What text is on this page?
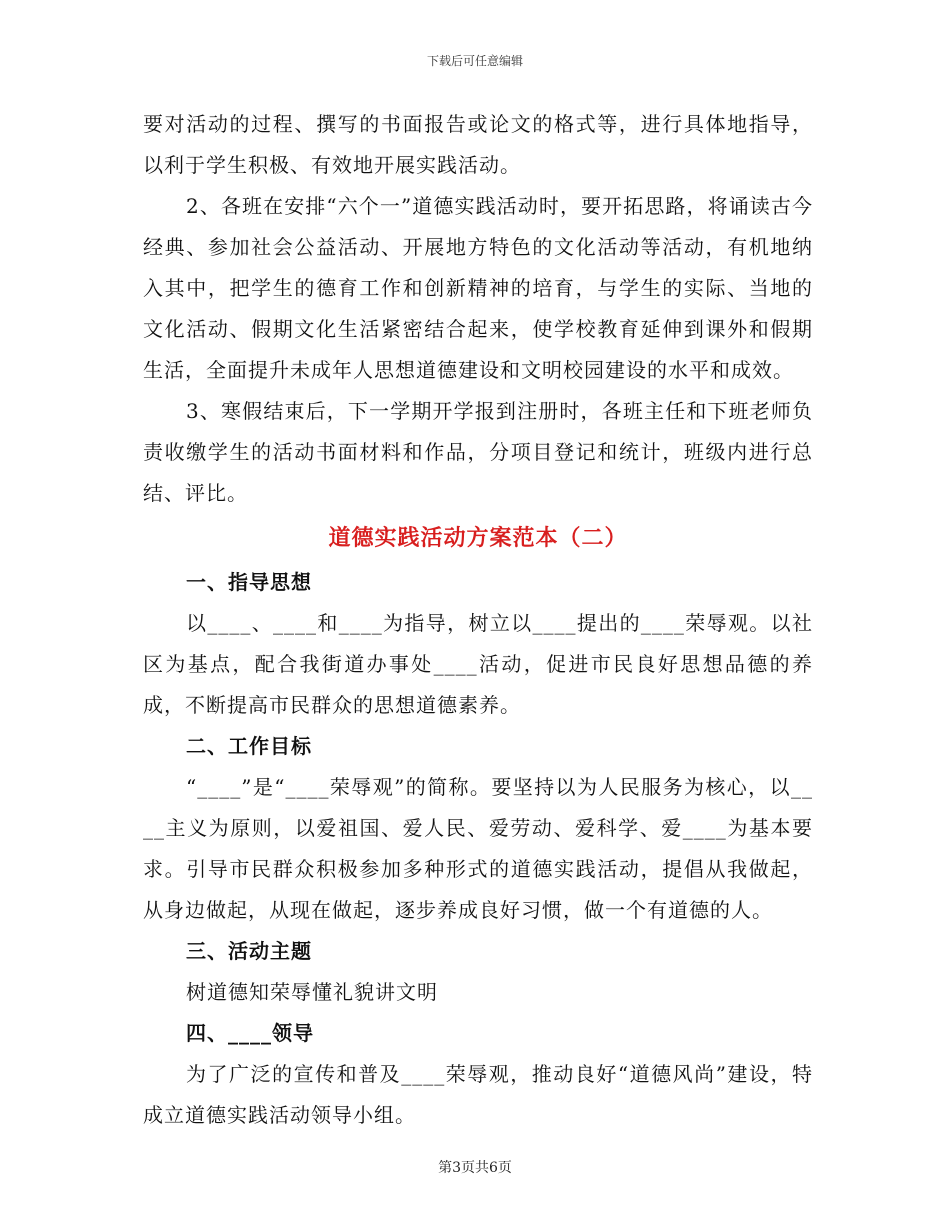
下载后可任意编辑

要对活动的过程、撰写的书面报告或论文的格式等，进行具体地指导，以利于学生积极、有效地开展实践活动。

2、各班在安排“六个一”道德实践活动时，要开拓思路，将诵读古今经典、参加社会公益活动、开展地方特色的文化活动等活动，有机地纳入其中，把学生的德育工作和创新精神的培育，与学生的实际、当地的文化活动、假期文化生活紧密结合起来，使学校教育延伸到课外和假期生活，全面提升未成年人思想道德建设和文明校园建设的水平和成效。

3、寒假结束后，下一学期开学报到注册时，各班主任和下班老师负责收缴学生的活动书面材料和作品，分项目登记和统计，班级内进行总结、评比。

道德实践活动方案范本（二）

一、指导思想

以____、____和____为指导，树立以____提出的____荣辱观。以社区为基点，配合我街道办事处____活动，促进市民良好思想品德的养成，不断提高市民群众的思想道德素养。

二、工作目标

“____”是“____荣辱观”的简称。要坚持以为人民服务为核心，以____主义为原则，以爱祖国、爱人民、爱劳动、爱科学、爱____为基本要求。引导市民群众积极参加多种形式的道德实践活动，提倡从我做起，从身边做起，从现在做起，逐步养成良好习惯，做一个有道德的人。

三、活动主题

树道德知荣辱懂礼貌讲文明

四、____领导

为了广泛的宣传和普及____荣辱观，推动良好“道德风尚”建设，特成立道德实践活动领导小组。

第3页共6页
